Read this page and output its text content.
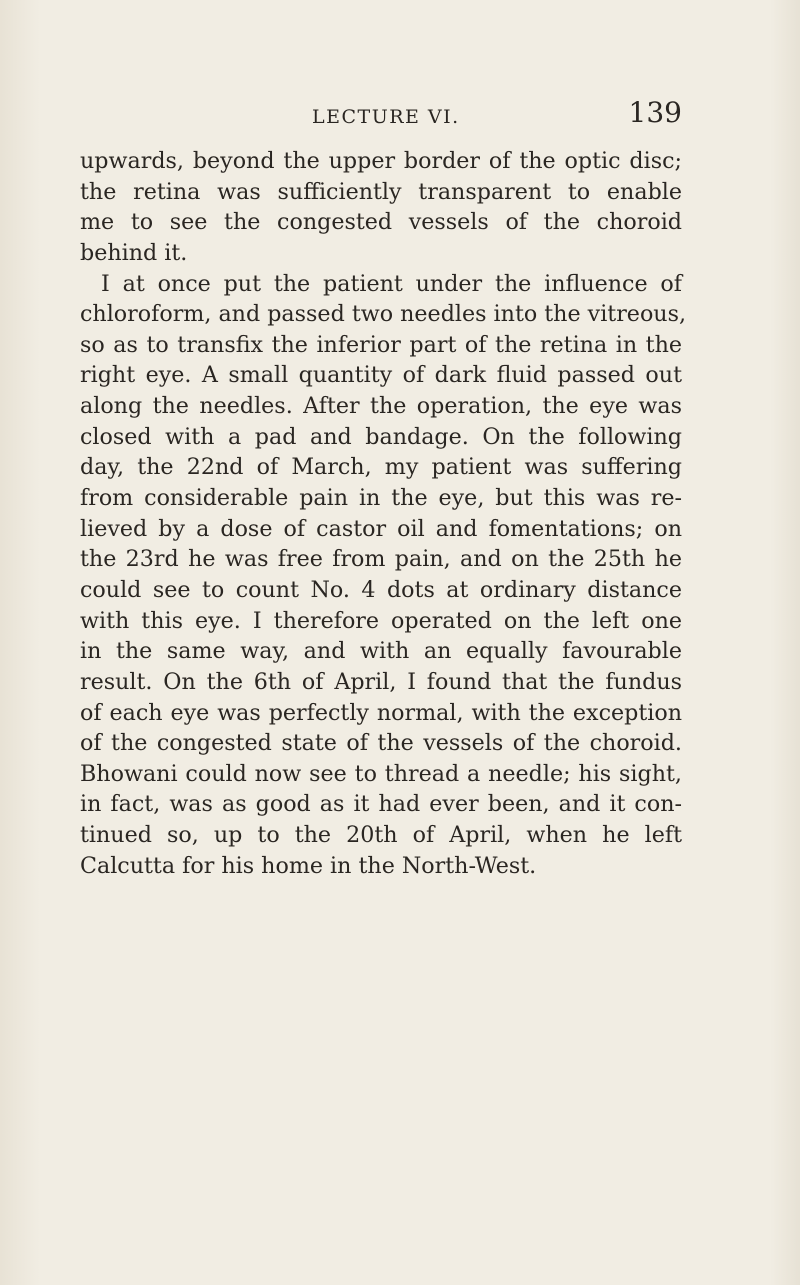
LECTURE VI.	139
upwards, beyond the upper border of the optic disc;
the retina was sufficiently transparent to enable
me to see the congested vessels of the choroid
behind it.
I at once put the patient under the influence of
chloroform, and passed two needles into the vitreous,
so as to transfix the inferior part of the retina in the
right eye. A small quantity of dark fluid passed out
along the needles. After the operation, the eye was
closed with a pad and bandage. On the following
day, the 22nd of March, my patient was suffering
from considerable pain in the eye, but this was re-
lieved by a dose of castor oil and fomentations; on
the 23rd he was free from pain, and on the 25th he
could see to count No. 4 dots at ordinary distance
with this eye. I therefore operated on the left one
in the same way, and with an equally favourable
result. On the 6th of April, I found that the fundus
of each eye was perfectly normal, with the exception
of the congested state of the vessels of the choroid.
Bhowani could now see to thread a needle; his sight,
in fact, was as good as it had ever been, and it con-
tinued so, up to the 20th of April, when he left
Calcutta for his home in the North-West.
